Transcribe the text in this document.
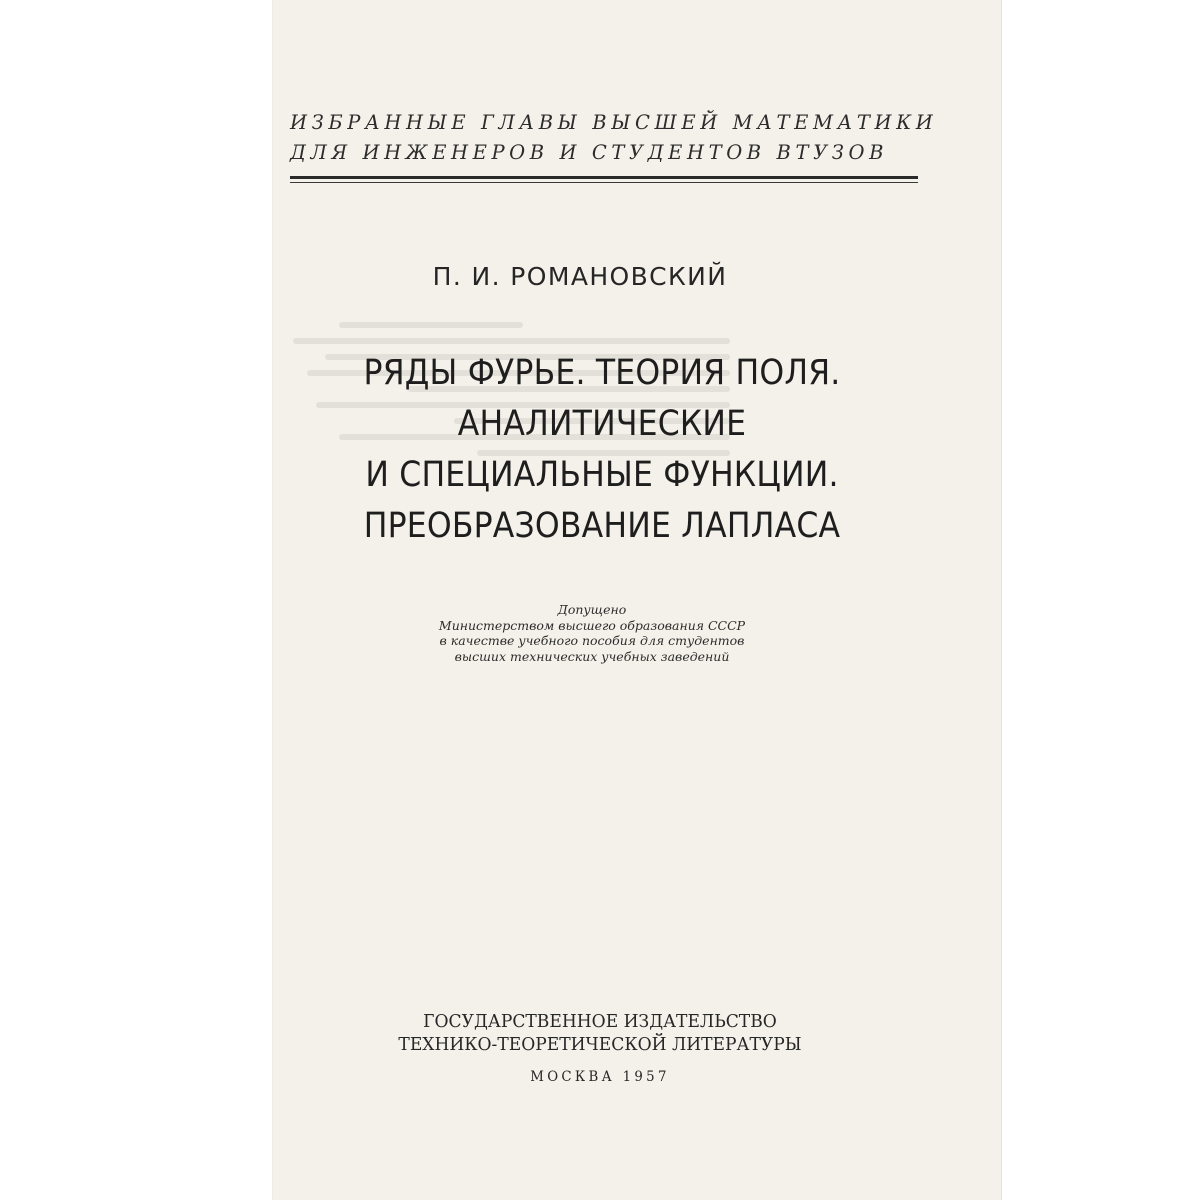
ИЗБРАННЫЕ ГЛАВЫ ВЫСШЕЙ МАТЕМАТИКИ
ДЛЯ ИНЖЕНЕРОВ И СТУДЕНТОВ ВТУЗОВ
П. И. РОМАНОВСКИЙ
РЯДЫ ФУРЬЕ. ТЕОРИЯ ПОЛЯ.
АНАЛИТИЧЕСКИЕ
И СПЕЦИАЛЬНЫЕ ФУНКЦИИ.
ПРЕОБРАЗОВАНИЕ ЛАПЛАСА
Допущено
Министерством высшего образования СССР
в качестве учебного пособия для студентов
высших технических учебных заведений
ГОСУДАРСТВЕННОЕ ИЗДАТЕЛЬСТВО
ТЕХНИКО-ТЕОРЕТИЧЕСКОЙ ЛИТЕРАТУРЫ
МОСКВА 1957
